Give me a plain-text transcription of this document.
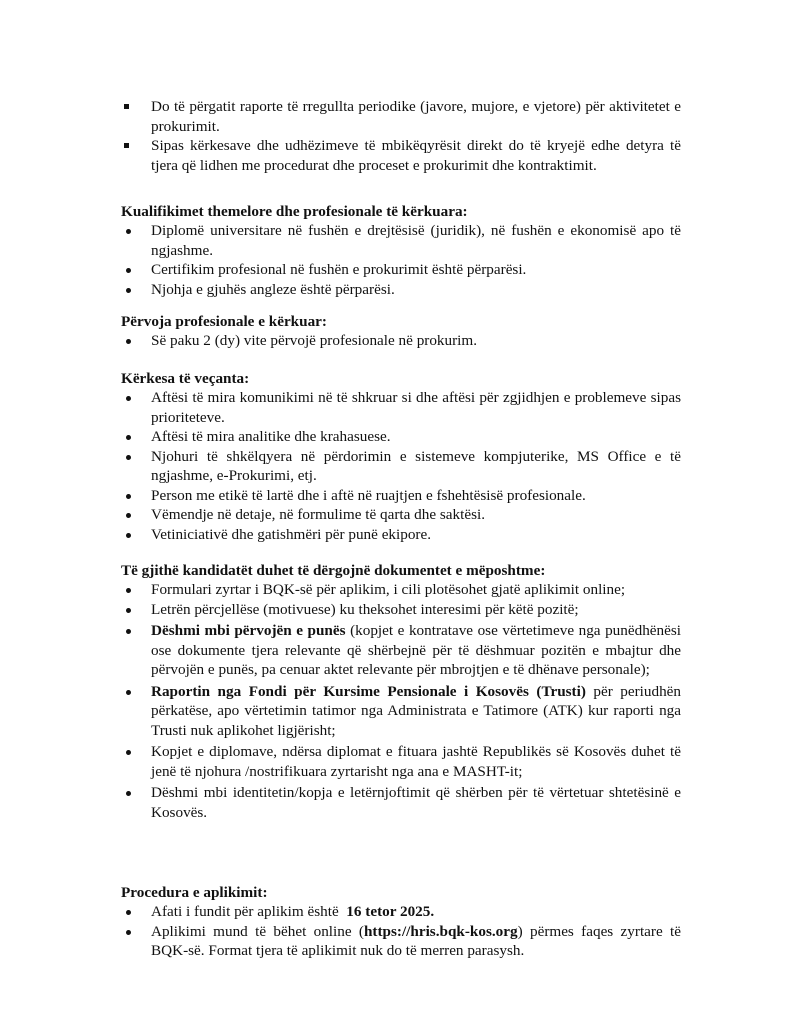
Do të përgatit raporte të rregullta periodike (javore, mujore, e vjetore) për aktivitetet e prokurimit.
Sipas kërkesave dhe udhëzimeve të mbikëqyrësit direkt do të kryejë edhe detyra të tjera që lidhen me procedurat dhe proceset e prokurimit dhe kontraktimit.

Kualifikimet themelore dhe profesionale të kërkuara:

Diplomë universitare në fushën e drejtësisë (juridik), në fushën e ekonomisë apo të ngjashme.
Certifikim profesional në fushën e prokurimit është përparësi.
Njohja e gjuhës angleze është përparësi.

Përvoja profesionale e kërkuar:

Së paku 2 (dy) vite përvojë profesionale në prokurim.

Kërkesa të veçanta:

Aftësi të mira komunikimi në të shkruar si dhe aftësi për zgjidhjen e problemeve sipas prioriteteve.
Aftësi të mira analitike dhe krahasuese.
Njohuri të shkëlqyera në përdorimin e sistemeve kompjuterike, MS Office e të ngjashme, e-Prokurimi, etj.
Person me etikë të lartë dhe i aftë në ruajtjen e fshehtësisë profesionale.
Vëmendje në detaje, në formulime të qarta dhe saktësi.
Vetiniciativë dhe gatishmëri për punë ekipore.

Të gjithë kandidatët duhet të dërgojnë dokumentet e mëposhtme:

Formulari zyrtar i BQK-së për aplikim, i cili plotësohet gjatë aplikimit online;
Letrën përcjellëse (motivuese) ku theksohet interesimi për këtë pozitë;
Dëshmi mbi përvojën e punës (kopjet e kontratave ose vërtetimeve nga punëdhënësi ose dokumente tjera relevante që shërbejnë për të dëshmuar pozitën e mbajtur dhe përvojën e punës, pa cenuar aktet relevante për mbrojtjen e të dhënave personale);
Raportin nga Fondi për Kursime Pensionale i Kosovës (Trusti) për periudhën përkatëse, apo vërtetimin tatimor nga Administrata e Tatimore (ATK) kur raporti nga Trusti nuk aplikohet ligjërisht;
Kopjet e diplomave, ndërsa diplomat e fituara jashtë Republikës së Kosovës duhet të jenë të njohura /nostrifikuara zyrtarisht nga ana e MASHT-it;
Dëshmi mbi identitetin/kopja e letërnjoftimit që shërben për të vërtetuar shtetësinë e Kosovës.

Procedura e aplikimit:

Afati i fundit për aplikim është  16 tetor 2025.
Aplikimi mund të bëhet online (https://hris.bqk-kos.org) përmes faqes zyrtare të BQK-së. Format tjera të aplikimit nuk do të merren parasysh.
